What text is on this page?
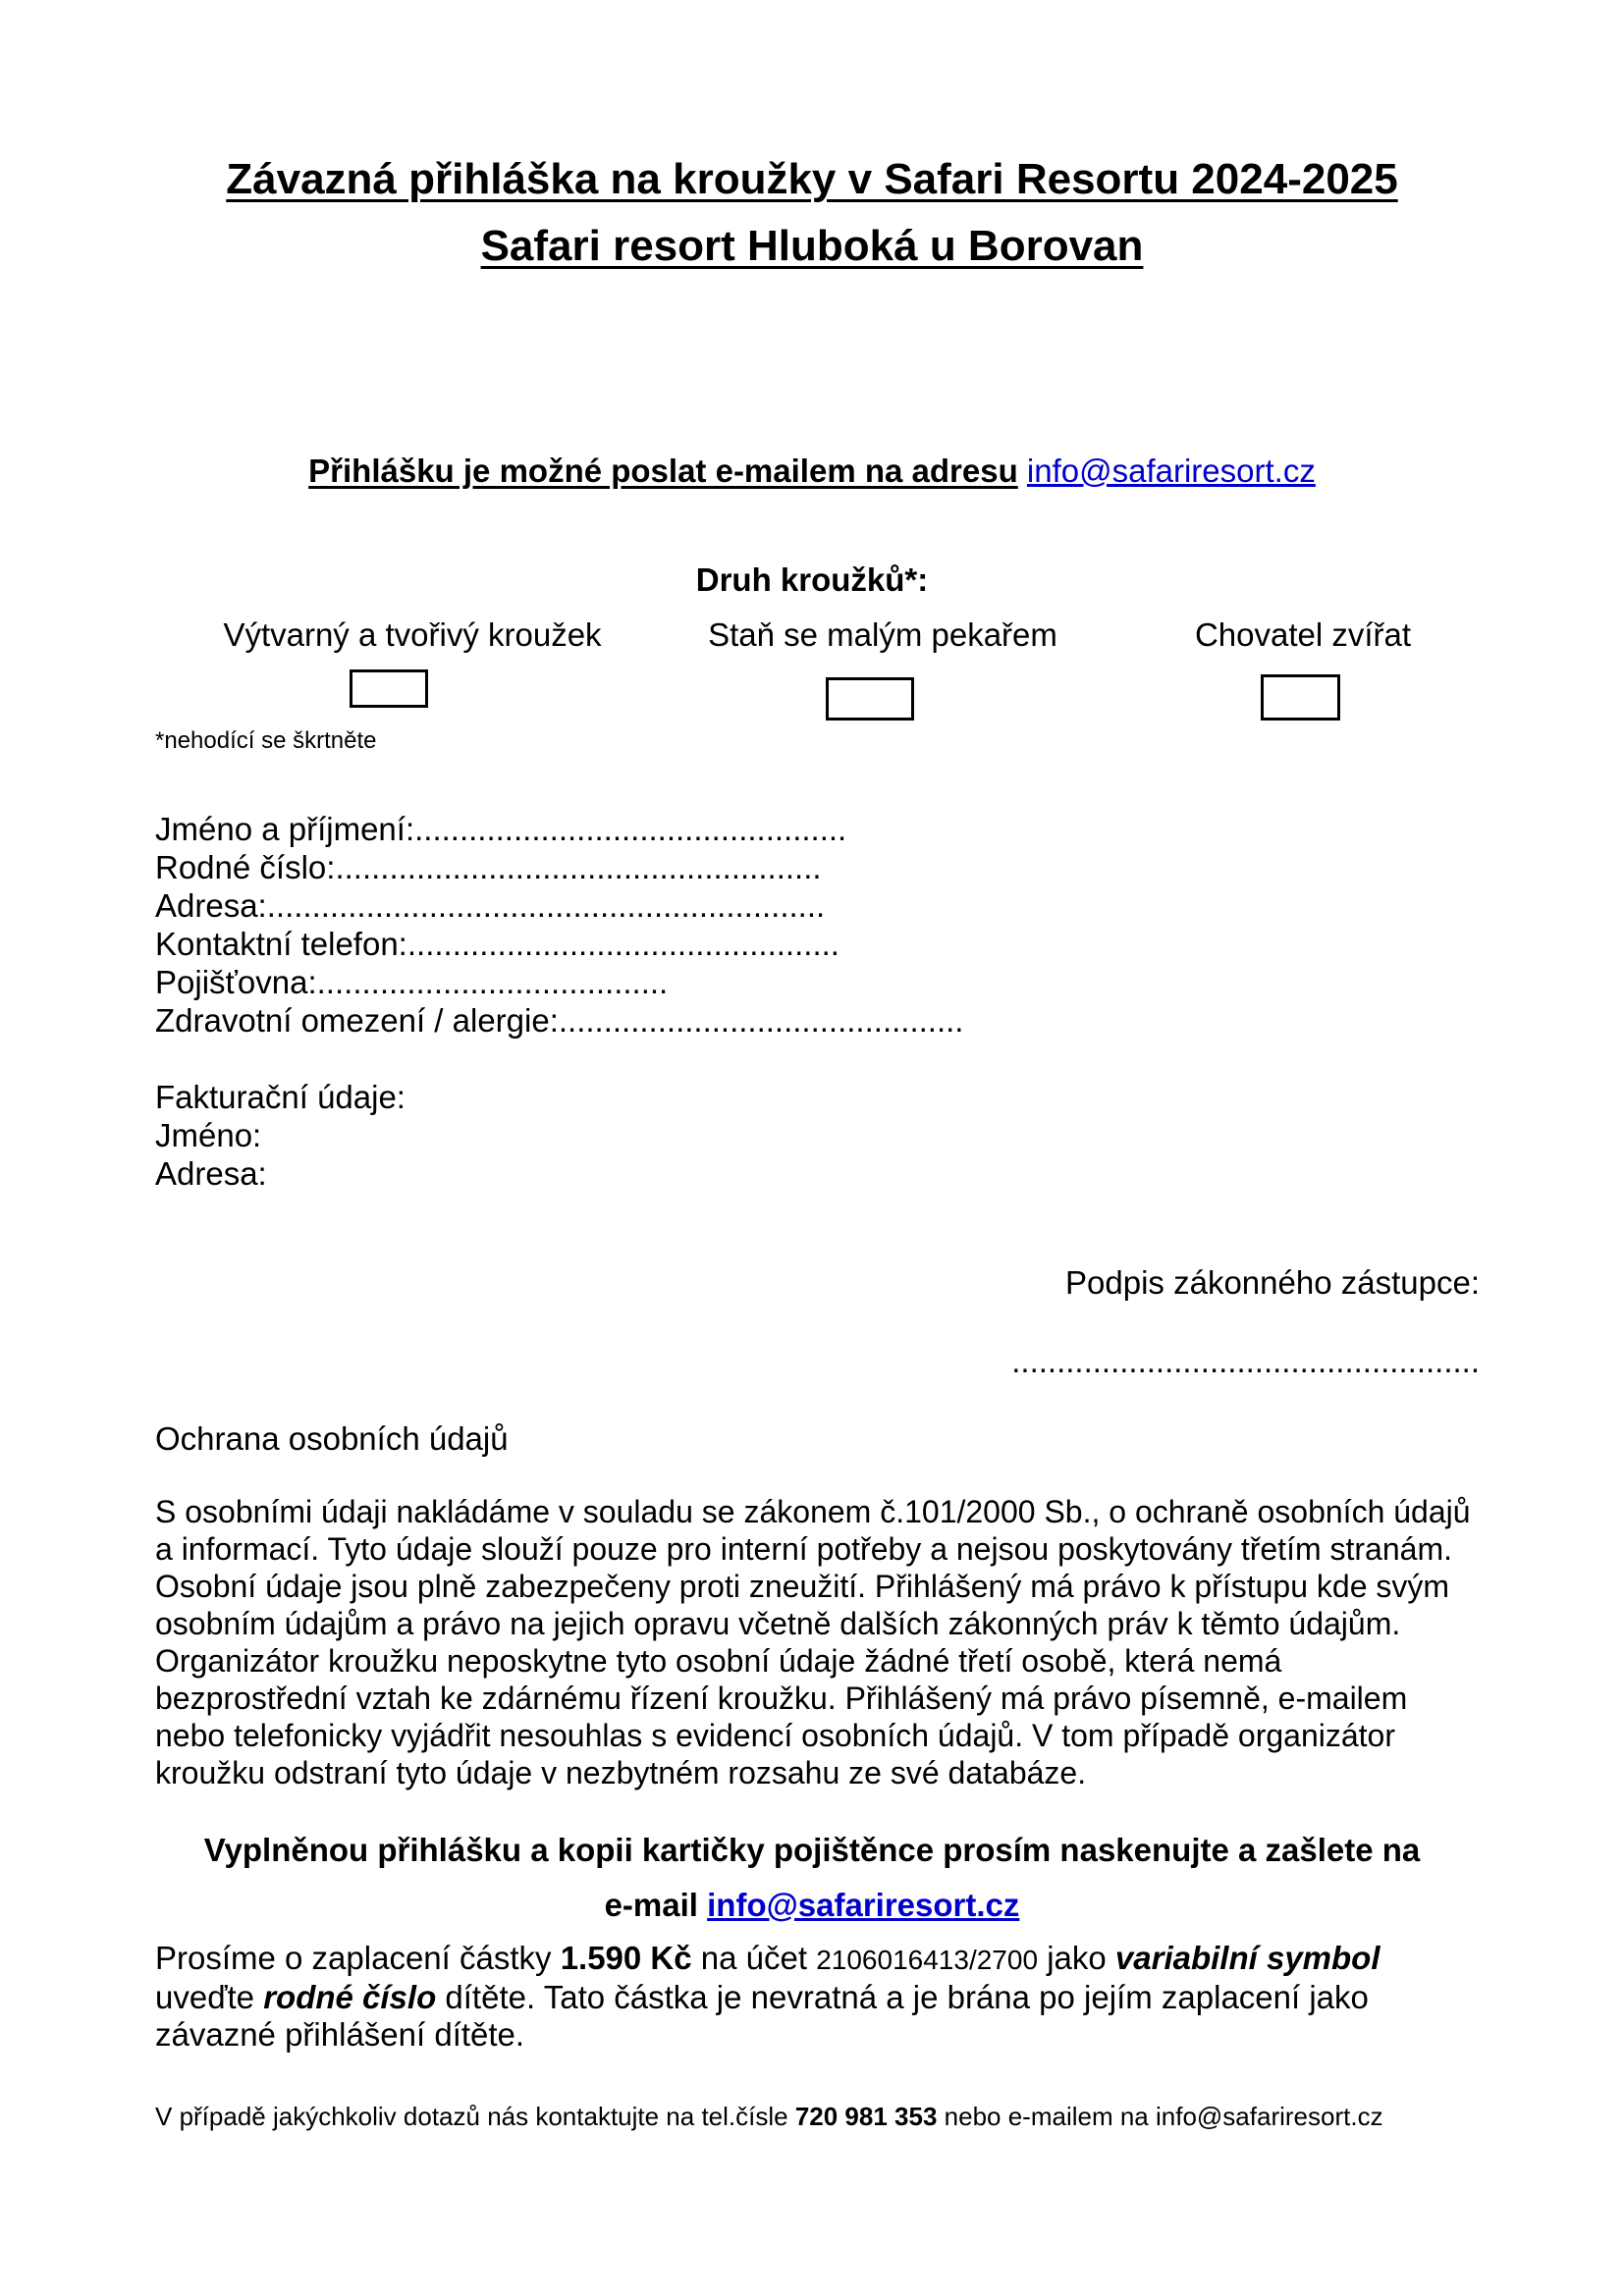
Závazná přihláška na kroužky v Safari Resortu 2024-2025
Safari resort Hluboká u Borovan
Přihlášku je možné poslat e-mailem na adresu info@safariresort.cz
Druh kroužků*:
Výtvarný a tvořivý kroužek	Staň se malým pekařem	Chovatel zvířat
*nehodící se škrtněte
Jméno a příjmení:................................................
Rodné číslo:......................................................
Adresa:..............................................................
Kontaktní telefon:................................................
Pojišťovna:.......................................
Zdravotní omezení / alergie:.............................................
Fakturační údaje:
Jméno:
Adresa:
Podpis zákonného zástupce:
....................................................
Ochrana osobních údajů
S osobními údaji nakládáme v souladu se zákonem č.101/2000 Sb., o ochraně osobních údajů a informací. Tyto údaje slouží pouze pro interní potřeby a nejsou poskytovány třetím stranám. Osobní údaje jsou plně zabezpečeny proti zneužití. Přihlášený má právo k přístupu kde svým osobním údajům a právo na jejich opravu včetně dalších zákonných práv k těmto údajům. Organizátor kroužku neposkytne tyto osobní údaje žádné třetí osobě, která nemá bezprostřední vztah ke zdárnému řízení kroužku. Přihlášený má právo písemně, e-mailem nebo telefonicky vyjádřit nesouhlas s evidencí osobních údajů. V tom případě organizátor kroužku odstraní tyto údaje v nezbytném rozsahu ze své databáze.
Vyplněnou přihlášku a kopii kartičky pojištěnce prosím naskenujte a zašlete na
e-mail info@safariresort.cz
Prosíme o zaplacení částky 1.590 Kč na účet 2106016413/2700 jako variabilní symbol uveďte rodné číslo dítěte. Tato částka je nevratná a je brána po jejím zaplacení jako závazné přihlášení dítěte.
V případě jakýchkoliv dotazů nás kontaktujte na tel.čísle 720 981 353 nebo e-mailem na info@safariresort.cz
